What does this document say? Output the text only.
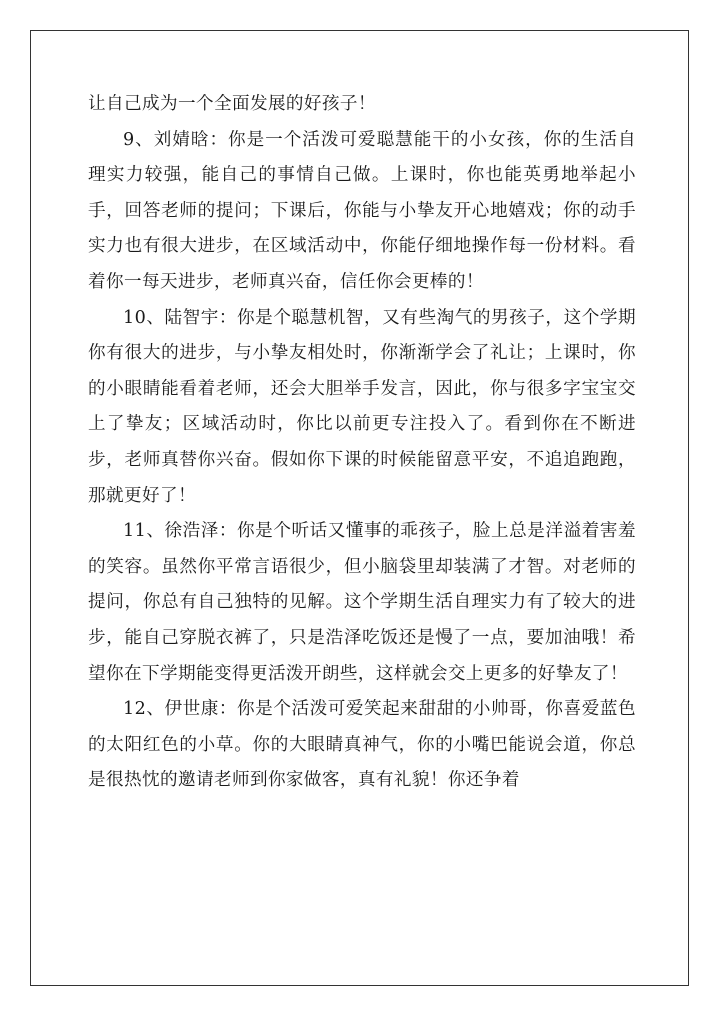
让自己成为一个全面发展的好孩子！

9、刘婧晗：你是一个活泼可爱聪慧能干的小女孩，你的生活自理实力较强，能自己的事情自己做。上课时，你也能英勇地举起小手，回答老师的提问；下课后，你能与小挚友开心地嬉戏；你的动手实力也有很大进步，在区域活动中，你能仔细地操作每一份材料。看着你一每天进步，老师真兴奋，信任你会更棒的！

10、陆智宇：你是个聪慧机智，又有些淘气的男孩子，这个学期你有很大的进步，与小挚友相处时，你渐渐学会了礼让；上课时，你的小眼睛能看着老师，还会大胆举手发言，因此，你与很多字宝宝交上了挚友；区域活动时，你比以前更专注投入了。看到你在不断进步，老师真替你兴奋。假如你下课的时候能留意平安，不追追跑跑，那就更好了！

11、徐浩泽：你是个听话又懂事的乖孩子，脸上总是洋溢着害羞的笑容。虽然你平常言语很少，但小脑袋里却装满了才智。对老师的提问，你总有自己独特的见解。这个学期生活自理实力有了较大的进步，能自己穿脱衣裤了，只是浩泽吃饭还是慢了一点，要加油哦！希望你在下学期能变得更活泼开朗些，这样就会交上更多的好挚友了！

12、伊世康：你是个活泼可爱笑起来甜甜的小帅哥，你喜爱蓝色的太阳红色的小草。你的大眼睛真神气，你的小嘴巴能说会道，你总是很热忱的邀请老师到你家做客，真有礼貌！你还争着
